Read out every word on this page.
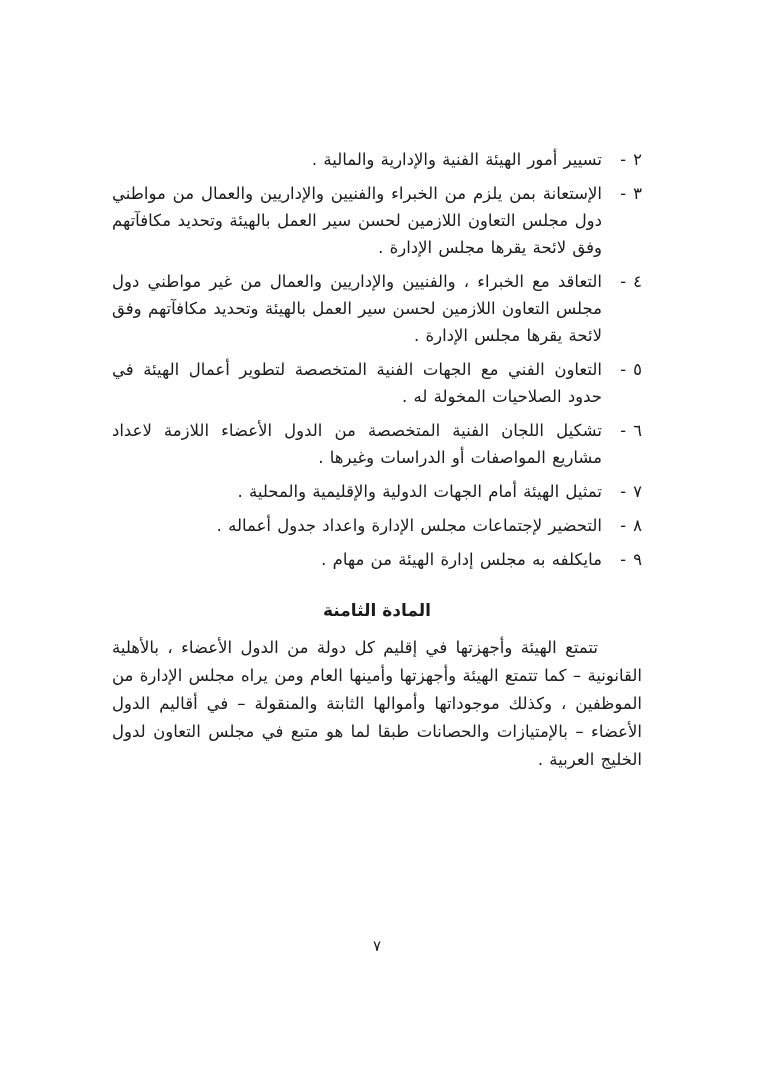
٢
-
تسيير أمور الهيئة الفنية والإدارية والمالية .
٣
-
الإستعانة بمن يلزم من الخبراء والفنيين والإداريين والعمال من مواطني دول مجلس التعاون اللازمين لحسن سير العمل بالهيئة وتحديد مكافآتهم وفق لائحة يقرها مجلس الإدارة .
٤
-
التعاقد مع الخبراء ، والفنيين والإداريين والعمال من غير مواطني دول مجلس التعاون اللازمين لحسن سير العمل بالهيئة وتحديد مكافآتهم وفق لائحة يقرها مجلس الإدارة .
٥
-
التعاون الفني مع الجهات الفنية المتخصصة لتطوير أعمال الهيئة في حدود الصلاحيات المخولة له .
٦
-
تشكيل اللجان الفنية المتخصصة من الدول الأعضاء اللازمة لاعداد مشاريع المواصفات أو الدراسات وغيرها .
٧
-
تمثيل الهيئة أمام الجهات الدولية والإقليمية والمحلية .
٨
-
التحضير لإجتماعات مجلس الإدارة واعداد جدول أعماله .
٩
-
مايكلفه به مجلس إدارة الهيئة من مهام .
المادة الثامنة
تتمتع الهيئة وأجهزتها في إقليم كل دولة من الدول الأعضاء ، بالأهلية القانونية – كما تتمتع الهيئة وأجهزتها وأمينها العام ومن يراه مجلس الإدارة من الموظفين ، وكذلك موجوداتها وأموالها الثابتة والمنقولة – في أقاليم الدول الأعضاء – بالإمتيازات والحصانات طبقا لما هو متبع في مجلس التعاون لدول الخليج العربية .
٧
